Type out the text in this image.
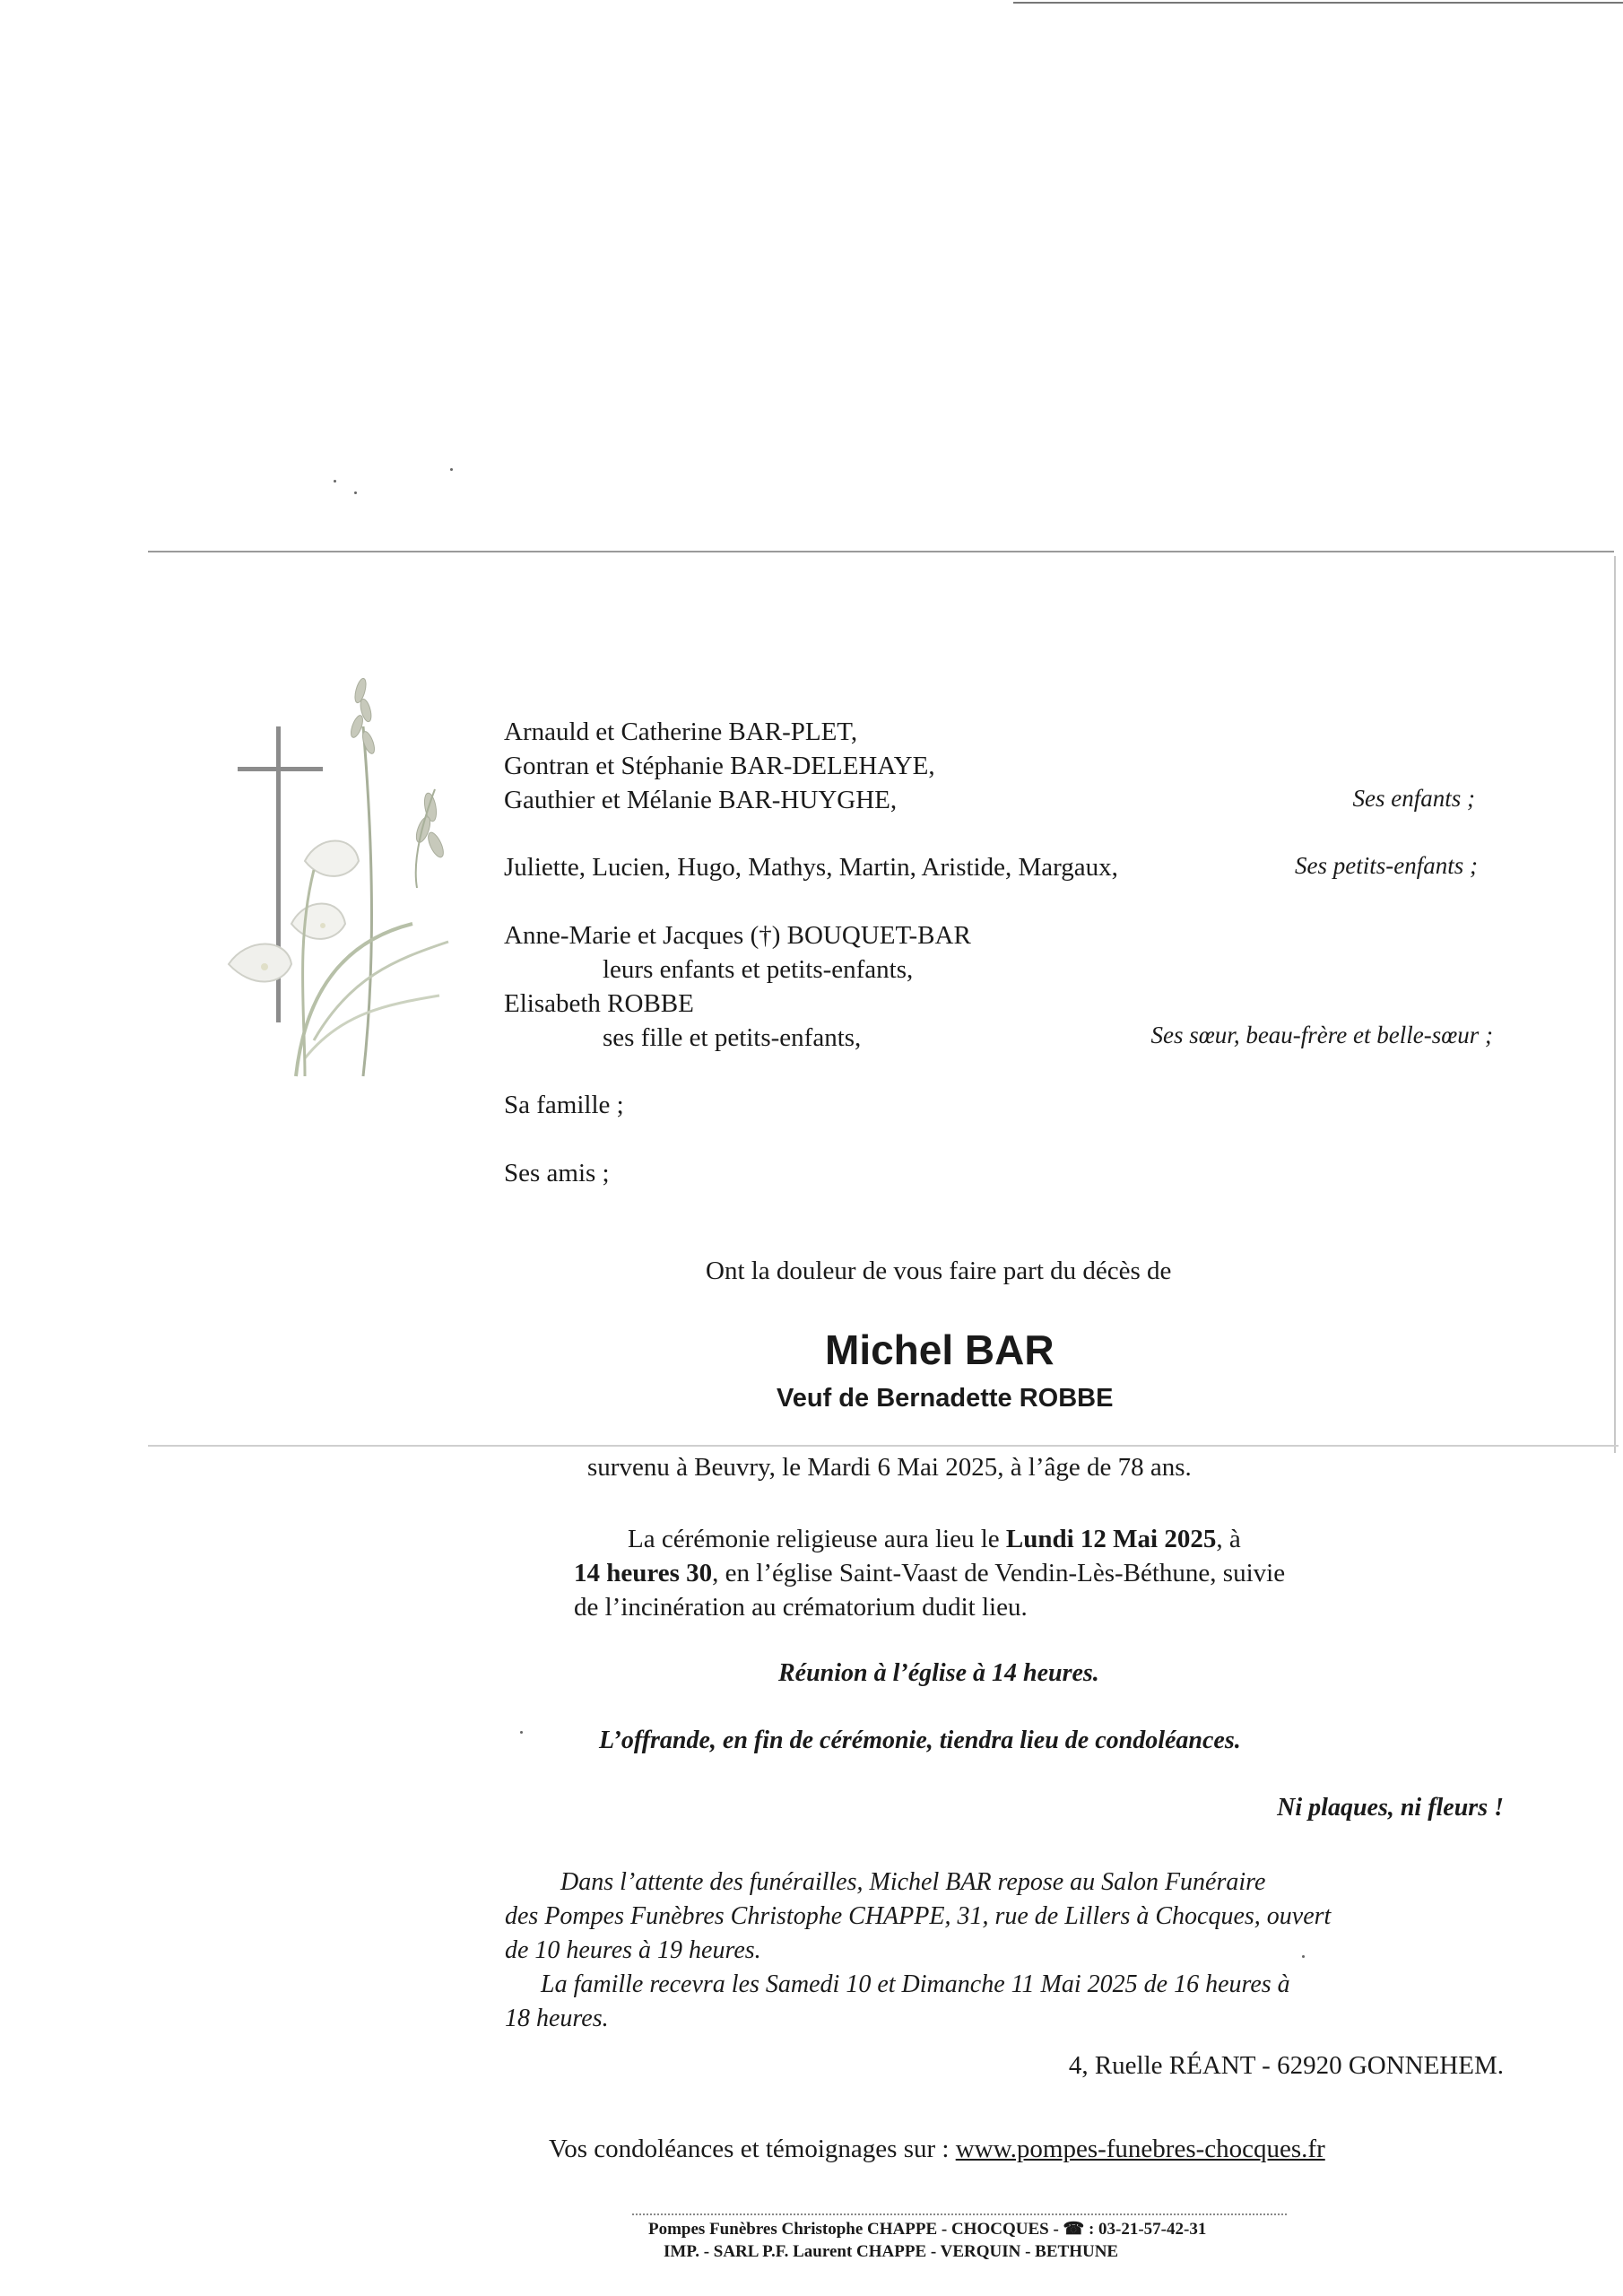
Arnauld et Catherine BAR-PLET,
Gontran et Stéphanie BAR-DELEHAYE,
Gauthier et Mélanie BAR-HUYGHE,	Ses enfants ;
Juliette, Lucien, Hugo, Mathys, Martin, Aristide, Margaux,	Ses petits-enfants ;
Anne-Marie et Jacques (†) BOUQUET-BAR
leurs enfants et petits-enfants,
Elisabeth ROBBE
ses fille et petits-enfants,	Ses sœur, beau-frère et belle-sœur ;
Sa famille ;
Ses amis ;
Ont la douleur de vous faire part du décès de
Michel BAR
Veuf de Bernadette ROBBE
survenu à Beuvry, le Mardi 6 Mai 2025, à l’âge de 78 ans.
La cérémonie religieuse aura lieu le Lundi 12 Mai 2025, à
14 heures 30, en l’église Saint-Vaast de Vendin-Lès-Béthune, suivie
de l’incinération au crématorium dudit lieu.
Réunion à l’église à 14 heures.
L’offrande, en fin de cérémonie, tiendra lieu de condoléances.
Ni plaques, ni fleurs !
Dans l’attente des funérailles, Michel BAR repose au Salon Funéraire
des Pompes Funèbres Christophe CHAPPE, 31, rue de Lillers à Chocques, ouvert
de 10 heures à 19 heures.
La famille recevra les Samedi 10 et Dimanche 11 Mai 2025 de 16 heures à
18 heures.
4, Ruelle RÉANT - 62920 GONNEHEM.
Vos condoléances et témoignages sur : www.pompes-funebres-chocques.fr
Pompes Funèbres Christophe CHAPPE - CHOCQUES - ☎ : 03-21-57-42-31
IMP. - SARL P.F. Laurent CHAPPE - VERQUIN - BETHUNE
